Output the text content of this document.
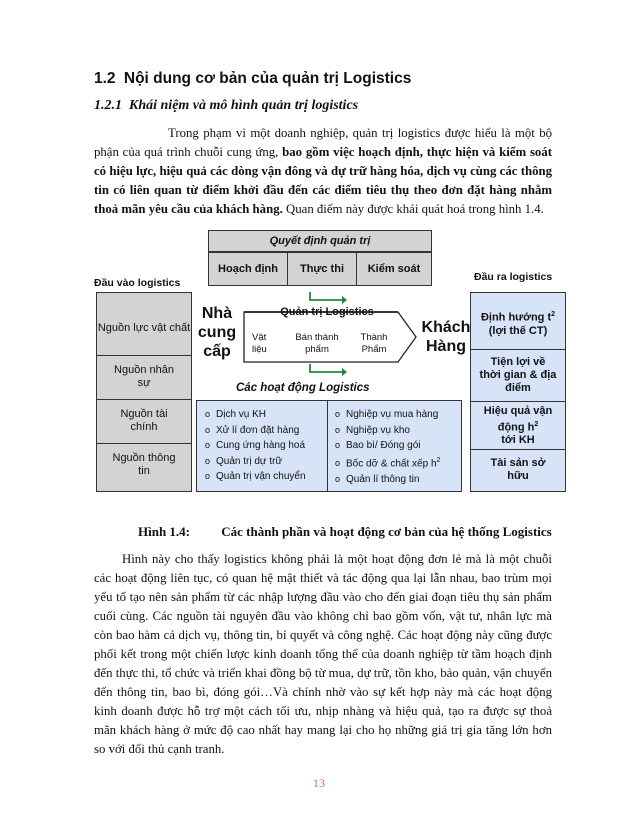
1.2 Nội dung cơ bản của quản trị Logistics
1.2.1 Khái niệm và mô hình quản trị logistics

Trong phạm vi một doanh nghiệp, quản trị logistics được hiểu là một bộ phận của quá trình chuỗi cung ứng, bao gồm việc hoạch định, thực hiện và kiểm soát có hiệu lực, hiệu quả các dòng vận đông và dự trữ hàng hóa, dịch vụ cùng các thông tin có liên quan từ điểm khởi đầu đến các điểm tiêu thụ theo đơn đặt hàng nhằm thoả mãn yêu cầu của khách hàng. Quan điểm này được khái quát hoá trong hình 1.4.

Quyết định quản trị
Hoạch định	Thực thi	Kiểm soát
Đầu vào logistics
Nguồn lực vật chất
Nguồn nhân sự
Nguồn tài chính
Nguồn thông tin
Đầu ra logistics
Định hướng $t^2$
(lợi thế CT)
Tiện lợi về thời gian & địa điểm
Hiệu quả vận động $h^2$
tới KH
Tài sản sở hữu
Nhà cung cấp
Khách Hàng
Quản trị Logistics
Vật liệu
Bán thành phẩm
Thành Phẩm
Các hoạt động Logistics
o Dịch vụ KH
o Xử lí đơn đặt hàng
o Cung ứng hàng hoá
o Quản trị dự trữ
o Quản trị vận chuyển
o Nghiệp vụ mua hàng
o Nghiệp vụ kho
o Bao bì/ Đóng gói
o Bốc dỡ & chất xếp $h^2$
o Quản lí thông tin
Hình 1.4: Các thành phần và hoạt động cơ bản của hệ thống Logistics

Hình này cho thấy logistics không phải là một hoạt động đơn lẻ mà là một chuỗi các hoạt động liên tục, có quan hệ mật thiết và tác động qua lại lẫn nhau, bao trùm mọi yếu tố tạo nên sản phẩm từ các nhập lượng đầu vào cho đến giai đoạn tiêu thụ sản phẩm cuối cùng. Các nguồn tài nguyên đầu vào không chỉ bao gồm vốn, vật tư, nhân lực mà còn bao hàm cả dịch vụ, thông tin, bí quyết và công nghệ. Các hoạt động này cũng được phối kết trong một chiến lược kinh doanh tổng thể của doanh nghiệp từ tầm hoạch định đến thực thi, tổ chức và triển khai đồng bộ từ mua, dự trữ, tồn kho, bảo quản, vận chuyển đến thông tin, bao bì, đóng gói…Và chính nhờ vào sự kết hợp này mà các hoạt động kinh doanh được hỗ trợ một cách tối ưu, nhịp nhàng và hiệu quả, tạo ra được sự thoả mãn khách hàng ở mức độ cao nhất hay mang lại cho họ những giá trị gia tăng lớn hơn so với đối thủ cạnh tranh.

13
